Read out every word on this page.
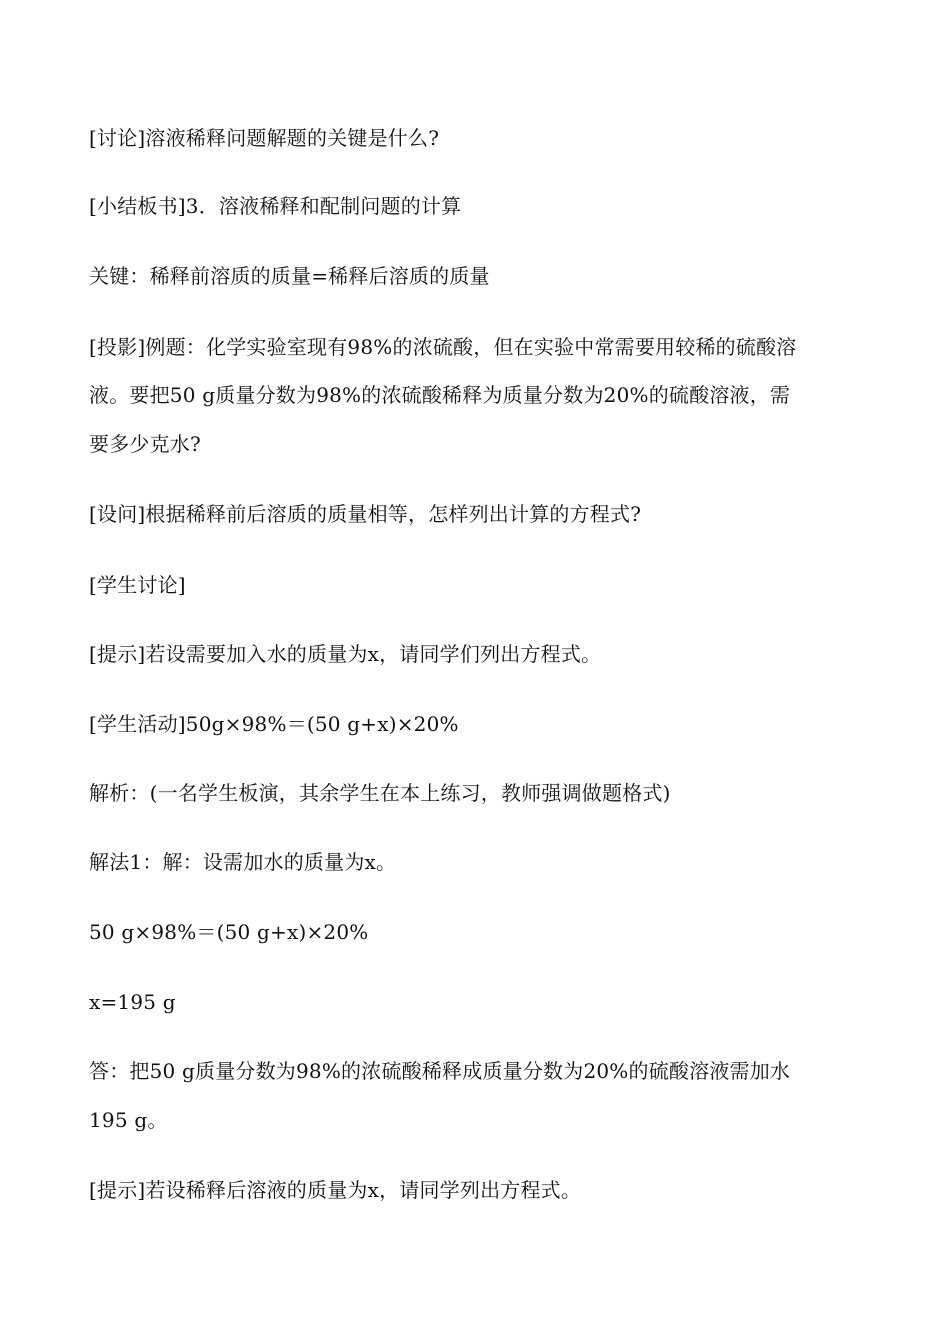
[讨论]溶液稀释问题解题的关键是什么?
[小结板书]3．溶液稀释和配制问题的计算
关键：稀释前溶质的质量=稀释后溶质的质量
[投影]例题：化学实验室现有98%的浓硫酸，但在实验中常需要用较稀的硫酸溶
液。要把50 g质量分数为98%的浓硫酸稀释为质量分数为20%的硫酸溶液，需
要多少克水?
[设问]根据稀释前后溶质的质量相等，怎样列出计算的方程式?
[学生讨论]
[提示]若设需要加入水的质量为x，请同学们列出方程式。
[学生活动]50g×98%＝(50 g+x)×20%
解析：(一名学生板演，其余学生在本上练习，教师强调做题格式)
解法1：解：设需加水的质量为x。
50 g×98%＝(50 g+x)×20%
x=195 g
答：把50 g质量分数为98%的浓硫酸稀释成质量分数为20%的硫酸溶液需加水
195 g。
[提示]若设稀释后溶液的质量为x，请同学列出方程式。
